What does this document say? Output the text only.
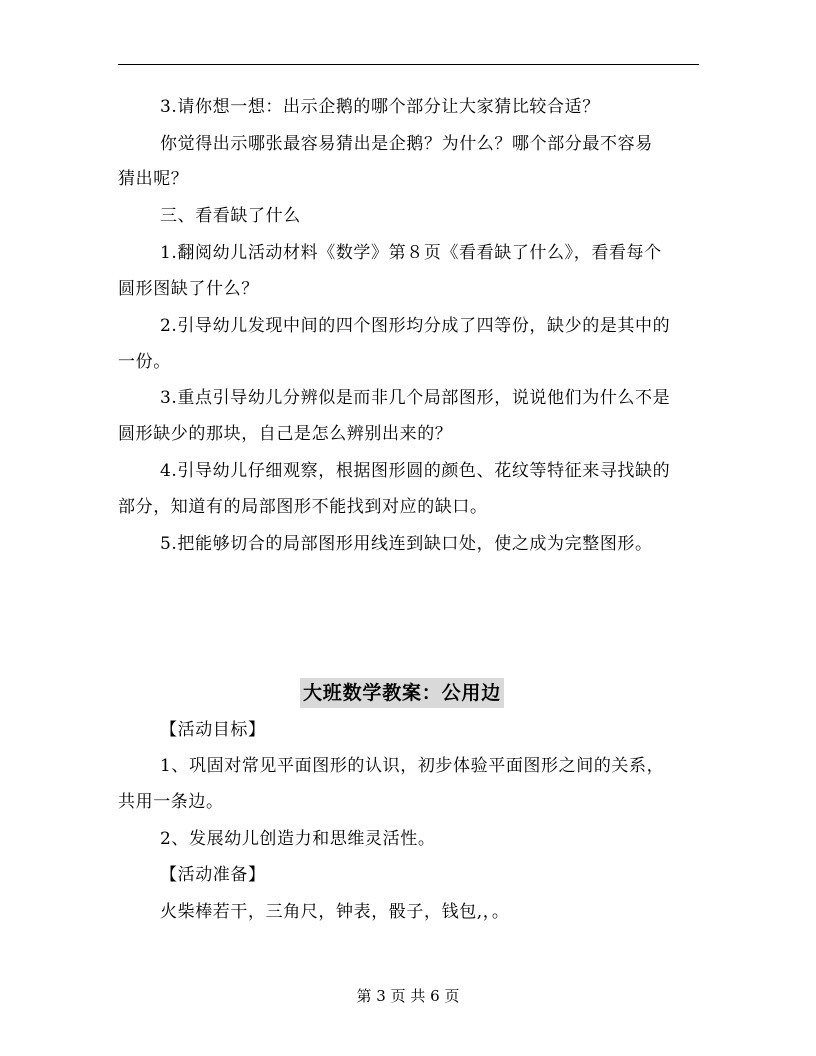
3.请你想一想：出示企鹅的哪个部分让大家猜比较合适？
你觉得出示哪张最容易猜出是企鹅？为什么？哪个部分最不容易
猜出呢？
三、看看缺了什么
1.翻阅幼儿活动材料《数学》第８页《看看缺了什么》，看看每个
圆形图缺了什么？
2.引导幼儿发现中间的四个图形均分成了四等份，缺少的是其中的
一份。
3.重点引导幼儿分辨似是而非几个局部图形，说说他们为什么不是
圆形缺少的那块，自己是怎么辨别出来的？
4.引导幼儿仔细观察，根据图形圆的颜色、花纹等特征来寻找缺的
部分，知道有的局部图形不能找到对应的缺口。
5.把能够切合的局部图形用线连到缺口处，使之成为完整图形。
大班数学教案：公用边
【活动目标】
1、巩固对常见平面图形的认识，初步体验平面图形之间的关系，
共用一条边。
2、发展幼儿创造力和思维灵活性。
【活动准备】
火柴棒若干，三角尺，钟表，骰子，钱包,，。
第 3 页 共 6 页
